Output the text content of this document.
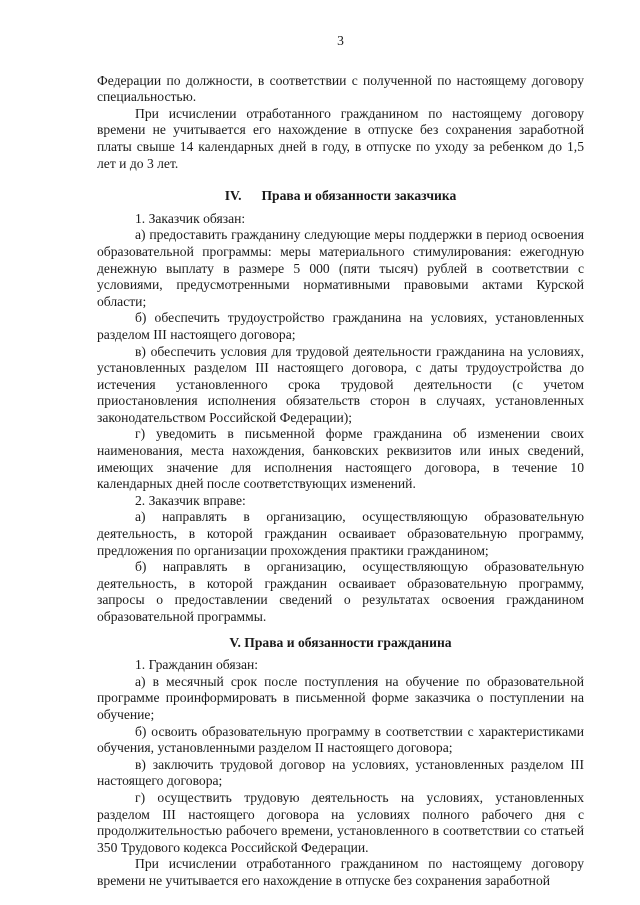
3

Федерации по должности, в соответствии с полученной по настоящему договору специальностью.

При исчислении отработанного гражданином по настоящему договору времени не учитывается его нахождение в отпуске без сохранения заработной платы свыше 14 календарных дней в году, в отпуске по уходу за ребенком до 1,5 лет и до 3 лет.

IV. Права и обязанности заказчика

1. Заказчик обязан:

а) предоставить гражданину следующие меры поддержки в период освоения образовательной программы: меры материального стимулирования: ежегодную денежную выплату в размере 5 000 (пяти тысяч) рублей в соответствии с условиями, предусмотренными нормативными правовыми актами Курской области;

б) обеспечить трудоустройство гражданина на условиях, установленных разделом III настоящего договора;

в) обеспечить условия для трудовой деятельности гражданина на условиях, установленных разделом III настоящего договора, с даты трудоустройства до истечения установленного срока трудовой деятельности (с учетом приостановления исполнения обязательств сторон в случаях, установленных законодательством Российской Федерации);

г) уведомить в письменной форме гражданина об изменении своих наименования, места нахождения, банковских реквизитов или иных сведений, имеющих значение для исполнения настоящего договора, в течение 10 календарных дней после соответствующих изменений.

2. Заказчик вправе:

а) направлять в организацию, осуществляющую образовательную деятельность, в которой гражданин осваивает образовательную программу, предложения по организации прохождения практики гражданином;

б) направлять в организацию, осуществляющую образовательную деятельность, в которой гражданин осваивает образовательную программу, запросы о предоставлении сведений о результатах освоения гражданином образовательной программы.

V. Права и обязанности гражданина

1. Гражданин обязан:

а) в месячный срок после поступления на обучение по образовательной программе проинформировать в письменной форме заказчика о поступлении на обучение;

б) освоить образовательную программу в соответствии с характеристиками обучения, установленными разделом II настоящего договора;

в) заключить трудовой договор на условиях, установленных разделом III настоящего договора;

г) осуществить трудовую деятельность на условиях, установленных разделом III настоящего договора на условиях полного рабочего дня с продолжительностью рабочего времени, установленного в соответствии со статьей 350 Трудового кодекса Российской Федерации.

При исчислении отработанного гражданином по настоящему договору времени не учитывается его нахождение в отпуске без сохранения заработной
